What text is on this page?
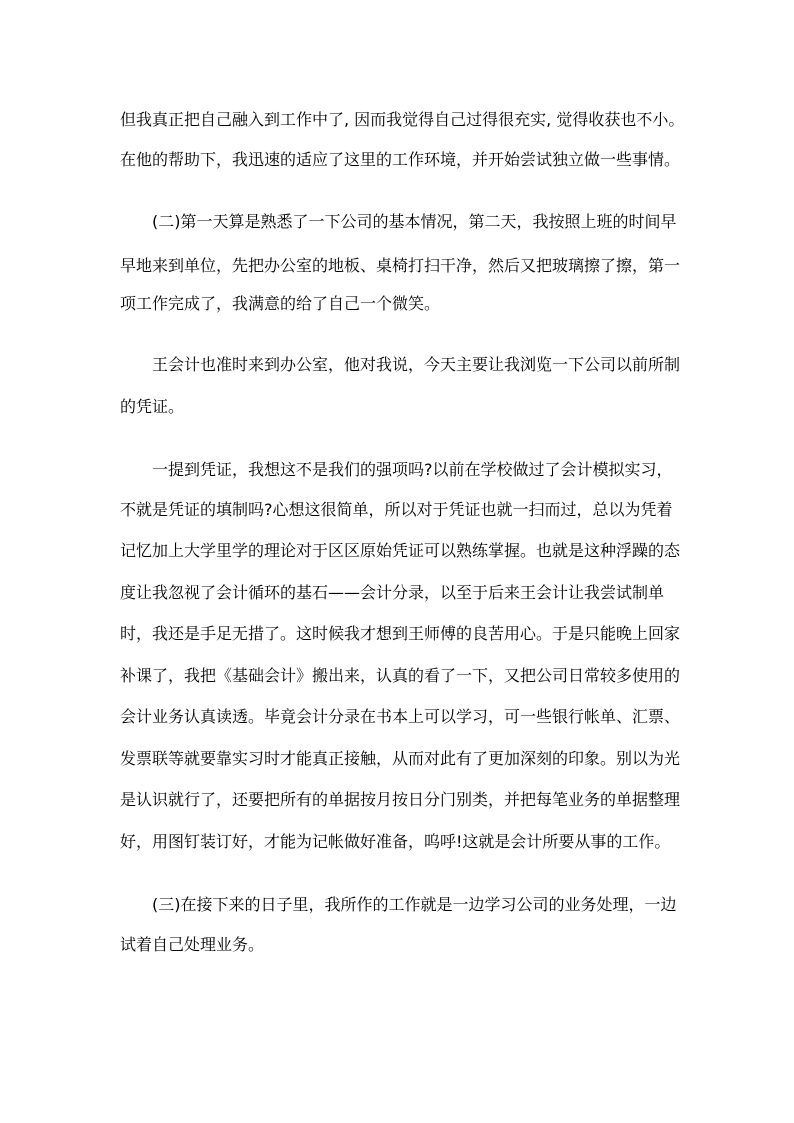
但我真正把自己融入到工作中了, 因而我觉得自己过得很充实, 觉得收获也不小。
在他的帮助下，我迅速的适应了这里的工作环境，并开始尝试独立做一些事情。
(二)第一天算是熟悉了一下公司的基本情况，第二天，我按照上班的时间早
早地来到单位，先把办公室的地板、桌椅打扫干净，然后又把玻璃擦了擦，第一
项工作完成了，我满意的给了自己一个微笑。
王会计也准时来到办公室，他对我说，今天主要让我浏览一下公司以前所制
的凭证。
一提到凭证，我想这不是我们的强项吗?以前在学校做过了会计模拟实习，
不就是凭证的填制吗?心想这很简单，所以对于凭证也就一扫而过，总以为凭着
记忆加上大学里学的理论对于区区原始凭证可以熟练掌握。也就是这种浮躁的态
度让我忽视了会计循环的基石——会计分录，以至于后来王会计让我尝试制单
时，我还是手足无措了。这时候我才想到王师傅的良苦用心。于是只能晚上回家
补课了，我把《基础会计》搬出来，认真的看了一下，又把公司日常较多使用的
会计业务认真读透。毕竟会计分录在书本上可以学习，可一些银行帐单、汇票、
发票联等就要靠实习时才能真正接触，从而对此有了更加深刻的印象。别以为光
是认识就行了，还要把所有的单据按月按日分门别类，并把每笔业务的单据整理
好，用图钉装订好，才能为记帐做好准备，呜呼!这就是会计所要从事的工作。
(三)在接下来的日子里，我所作的工作就是一边学习公司的业务处理，一边
试着自己处理业务。
